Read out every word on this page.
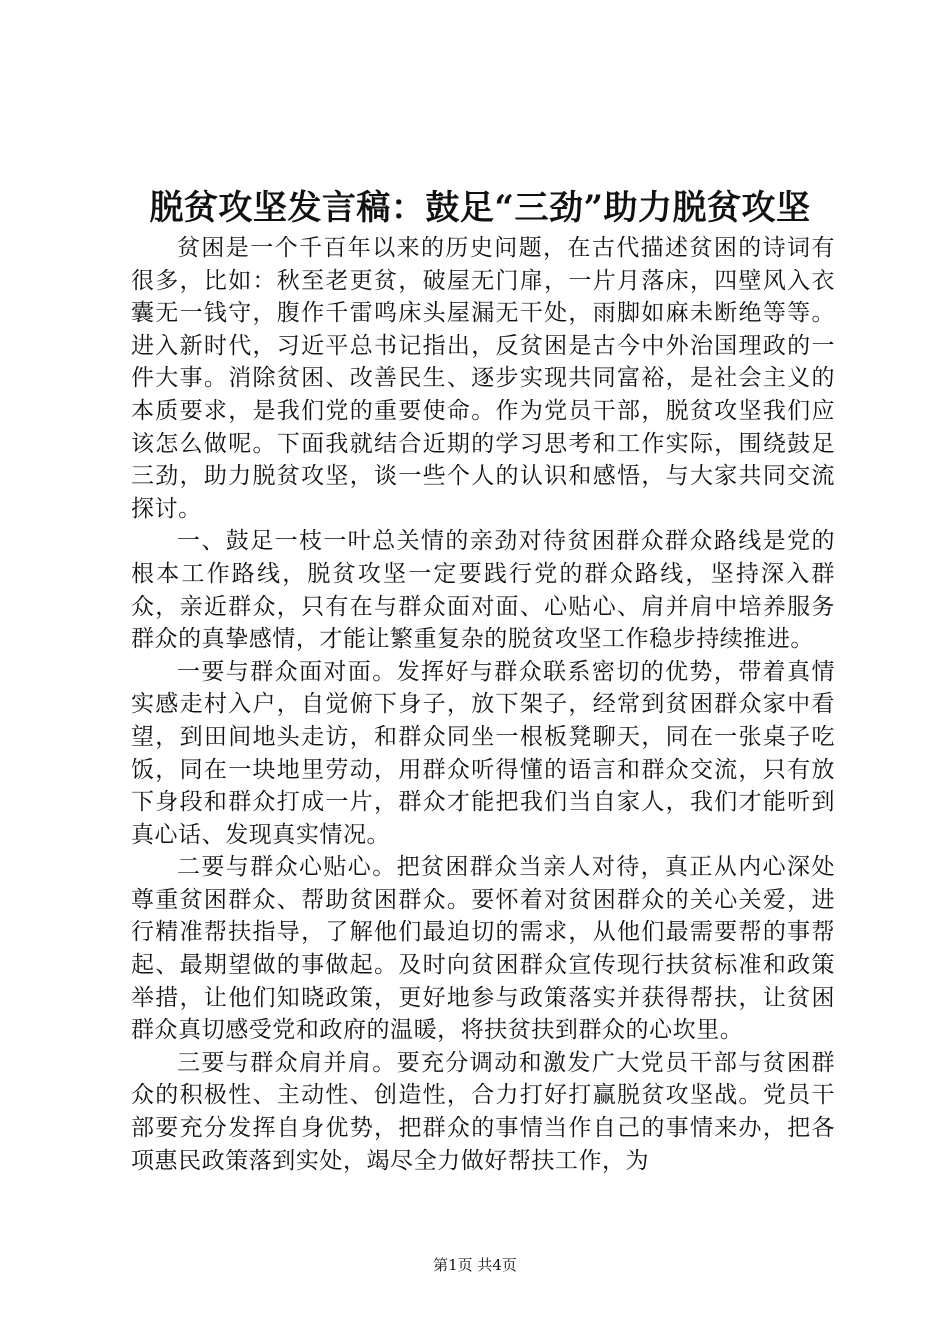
脱贫攻坚发言稿：鼓足“三劲”助力脱贫攻坚

贫困是一个千百年以来的历史问题，在古代描述贫困的诗词有很多，比如：秋至老更贫，破屋无门扉，一片月落床，四壁风入衣囊无一钱守，腹作千雷鸣床头屋漏无干处，雨脚如麻未断绝等等。进入新时代，习近平总书记指出，反贫困是古今中外治国理政的一件大事。消除贫困、改善民生、逐步实现共同富裕，是社会主义的本质要求，是我们党的重要使命。作为党员干部，脱贫攻坚我们应该怎么做呢。下面我就结合近期的学习思考和工作实际，围绕鼓足三劲，助力脱贫攻坚，谈一些个人的认识和感悟，与大家共同交流探讨。

一、鼓足一枝一叶总关情的亲劲对待贫困群众群众路线是党的根本工作路线，脱贫攻坚一定要践行党的群众路线，坚持深入群众，亲近群众，只有在与群众面对面、心贴心、肩并肩中培养服务群众的真挚感情，才能让繁重复杂的脱贫攻坚工作稳步持续推进。

一要与群众面对面。发挥好与群众联系密切的优势，带着真情实感走村入户，自觉俯下身子，放下架子，经常到贫困群众家中看望，到田间地头走访，和群众同坐一根板凳聊天，同在一张桌子吃饭，同在一块地里劳动，用群众听得懂的语言和群众交流，只有放下身段和群众打成一片，群众才能把我们当自家人，我们才能听到真心话、发现真实情况。

二要与群众心贴心。把贫困群众当亲人对待，真正从内心深处尊重贫困群众、帮助贫困群众。要怀着对贫困群众的关心关爱，进行精准帮扶指导，了解他们最迫切的需求，从他们最需要帮的事帮起、最期望做的事做起。及时向贫困群众宣传现行扶贫标准和政策举措，让他们知晓政策，更好地参与政策落实并获得帮扶，让贫困群众真切感受党和政府的温暖，将扶贫扶到群众的心坎里。

三要与群众肩并肩。要充分调动和激发广大党员干部与贫困群众的积极性、主动性、创造性，合力打好打赢脱贫攻坚战。党员干部要充分发挥自身优势，把群众的事情当作自己的事情来办，把各项惠民政策落到实处，竭尽全力做好帮扶工作，为

第1页 共4页
